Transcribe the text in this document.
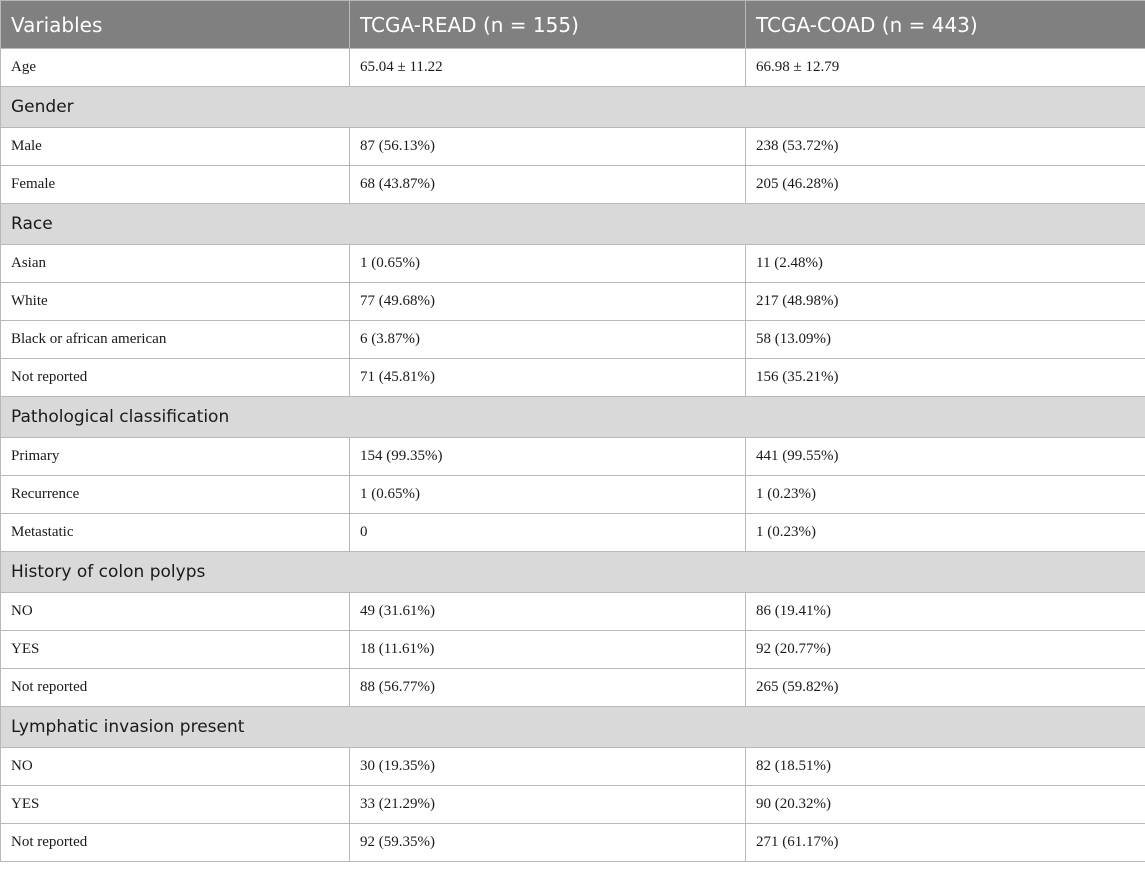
Variables	TCGA-READ (n = 155)	TCGA-COAD (n = 443)
Age	65.04 ± 11.22	66.98 ± 12.79
Gender		
Male	87 (56.13%)	238 (53.72%)
Female	68 (43.87%)	205 (46.28%)
Race		
Asian	1 (0.65%)	11 (2.48%)
White	77 (49.68%)	217 (48.98%)
Black or african american	6 (3.87%)	58 (13.09%)
Not reported	71 (45.81%)	156 (35.21%)
Pathological classification		
Primary	154 (99.35%)	441 (99.55%)
Recurrence	1 (0.65%)	1 (0.23%)
Metastatic	0	1 (0.23%)
History of colon polyps		
NO	49 (31.61%)	86 (19.41%)
YES	18 (11.61%)	92 (20.77%)
Not reported	88 (56.77%)	265 (59.82%)
Lymphatic invasion present		
NO	30 (19.35%)	82 (18.51%)
YES	33 (21.29%)	90 (20.32%)
Not reported	92 (59.35%)	271 (61.17%)
